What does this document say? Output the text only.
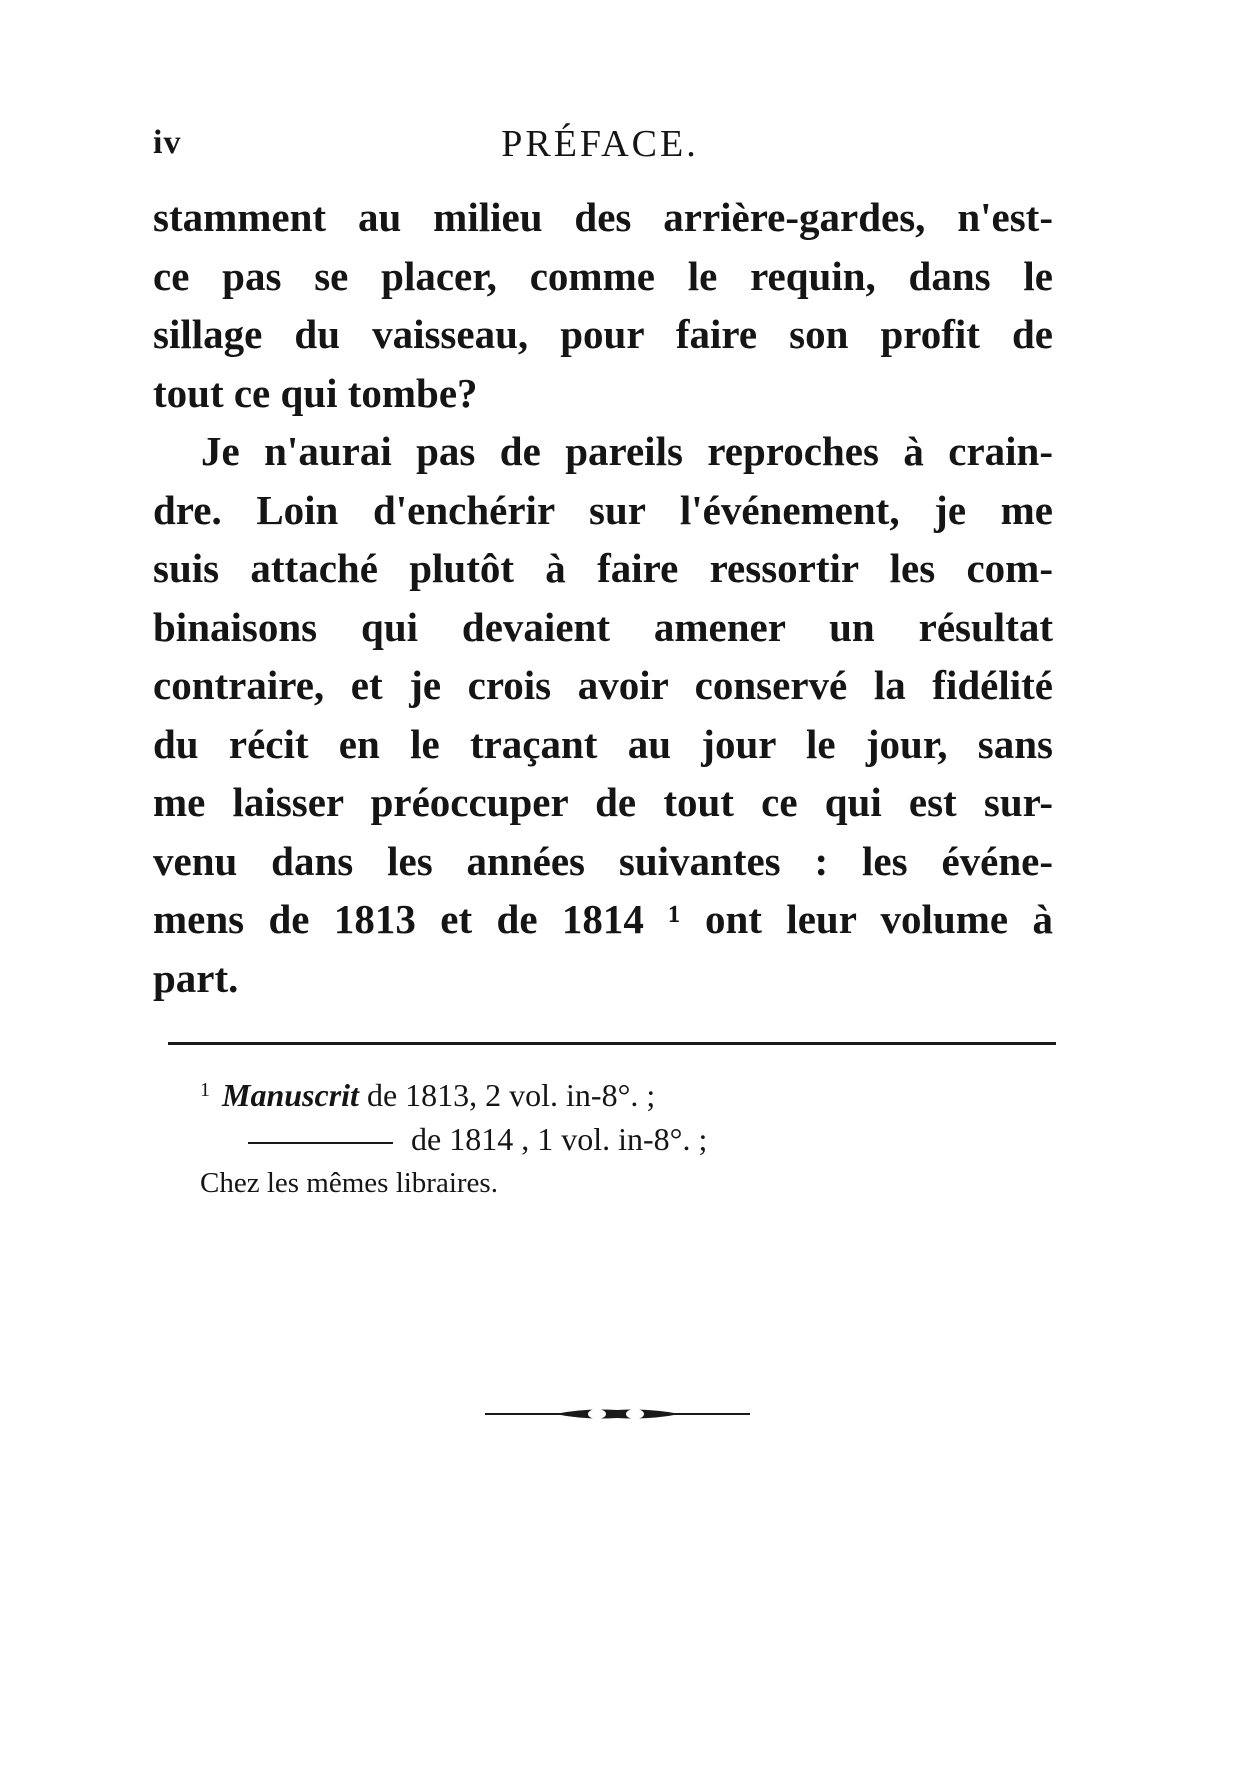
iv	PRÉFACE.
stamment au milieu des arrière-gardes, n'est-
ce pas se placer, comme le requin, dans le
sillage du vaisseau, pour faire son profit de
tout ce qui tombe?
Je n'aurai pas de pareils reproches à crain-
dre. Loin d'enchérir sur l'événement, je me
suis attaché plutôt à faire ressortir les com-
binaisons qui devaient amener un résultat
contraire, et je crois avoir conservé la fidélité
du récit en le traçant au jour le jour, sans
me laisser préoccuper de tout ce qui est sur-
venu dans les années suivantes : les événe-
mens de 1813 et de 1814 ¹ ont leur volume à
part.
$^1$ Manuscrit de 1813, 2 vol. in-8°. ;
de 1814 , 1 vol. in-8°. ;
Chez les mêmes libraires.
